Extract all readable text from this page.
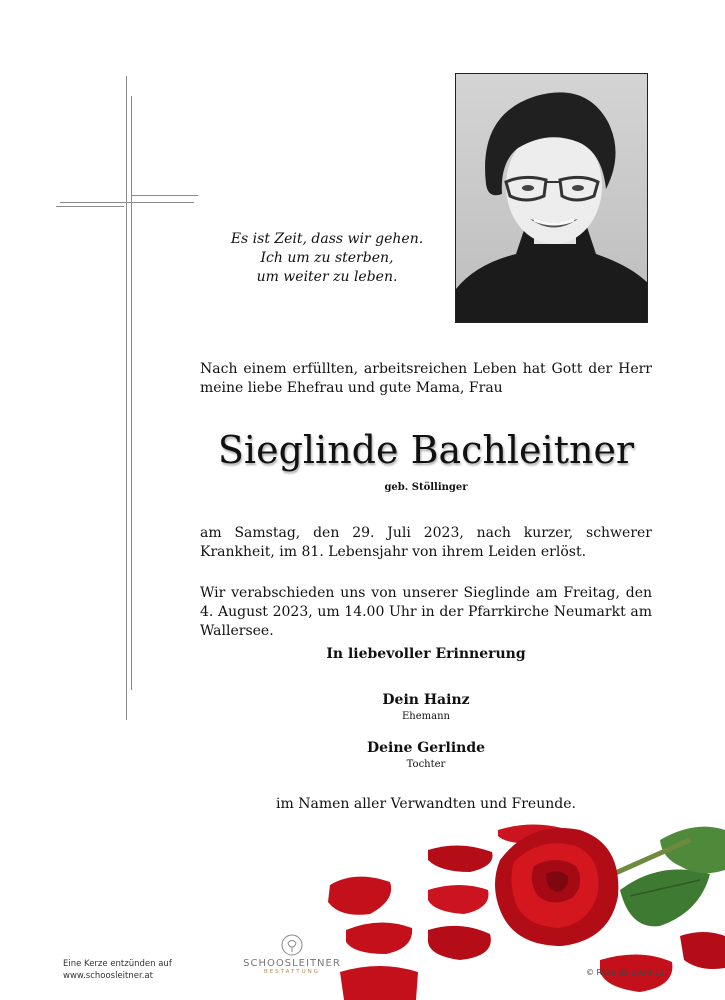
Es ist Zeit, dass wir gehen.
Ich um zu sterben,
um weiter zu leben.
Nach einem erfüllten, arbeitsreichen Leben hat Gott der Herr meine liebe Ehefrau und gute Mama, Frau
Sieglinde Bachleitner
geb. Stöllinger
am Samstag, den 29. Juli 2023, nach kurzer, schwerer Krankheit, im 81. Lebensjahr von ihrem Leiden erlöst.
Wir verabschieden uns von unserer Sieglinde am Freitag, den 4. August 2023, um 14.00 Uhr in der Pfarrkirche Neumarkt am Wallersee.
In liebevoller Erinnerung
Dein Hainz
Ehemann
Deine Gerlinde
Tochter
im Namen aller Verwandten und Freunde.
Eine Kerze entzünden auf
www.schoosleitner.at
SCHOOSLEITNER
BESTATTUNG	© Rose BS 2020-11
